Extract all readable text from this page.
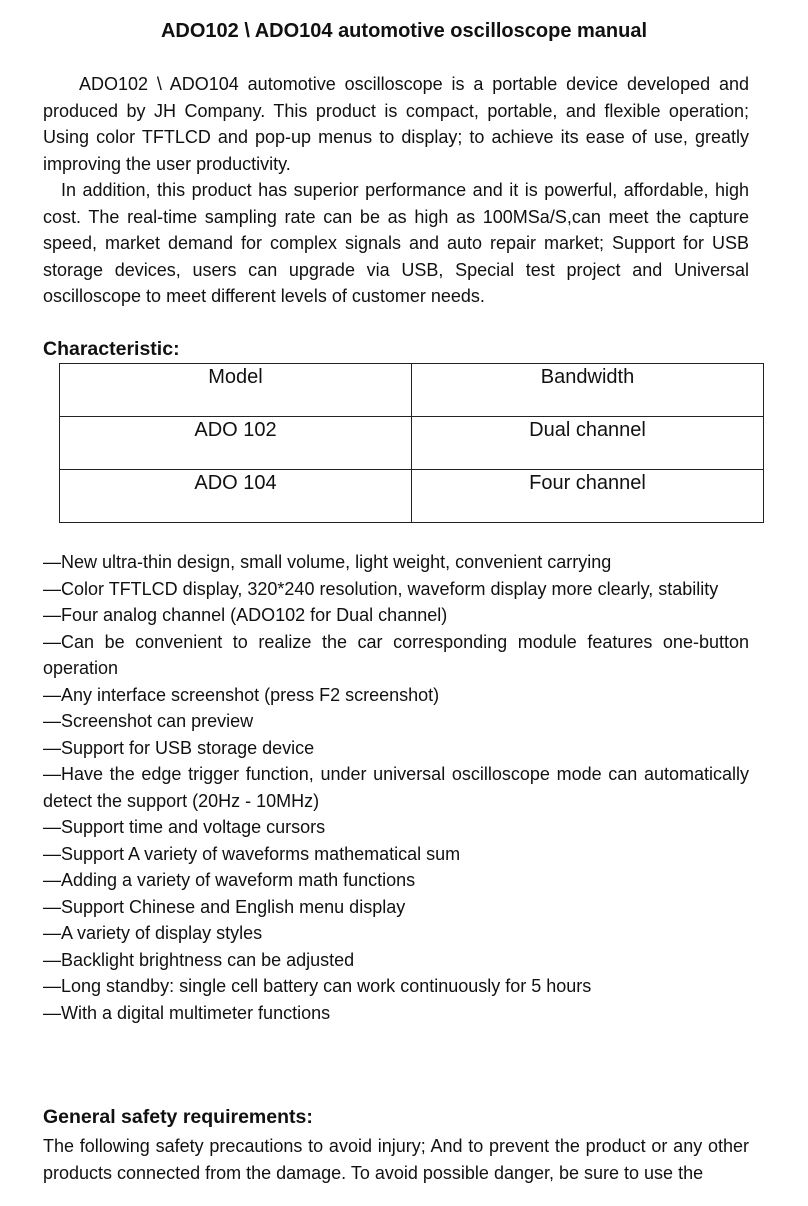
ADO102 \ ADO104 automotive oscilloscope manual

ADO102 \ ADO104 automotive oscilloscope is a portable device developed and produced by JH Company. This product is compact, portable, and flexible operation; Using color TFTLCD and pop-up menus to display; to achieve its ease of use, greatly improving the user productivity.

In addition, this product has superior performance and it is powerful, affordable, high cost. The real-time sampling rate can be as high as 100MSa/S,can meet the capture speed, market demand for complex signals and auto repair market; Support for USB storage devices, users can upgrade via USB, Special test project and Universal oscilloscope to meet different levels of customer needs.

Characteristic:
Model	Bandwidth

ADO 102	Dual channel

ADO 104	Four channel
—New ultra-thin design, small volume, light weight, convenient carrying
—Color TFTLCD display, 320*240 resolution, waveform display more clearly, stability
—Four analog channel (ADO102 for Dual channel)
—Can be convenient to realize the car corresponding module features one-button operation
—Any interface screenshot (press F2 screenshot)
—Screenshot can preview
—Support for USB storage device
—Have the edge trigger function, under universal oscilloscope mode can automatically detect the support (20Hz - 10MHz)
—Support time and voltage cursors
—Support A variety of waveforms mathematical sum
—Adding a variety of waveform math functions
—Support Chinese and English menu display
—A variety of display styles
—Backlight brightness can be adjusted
—Long standby: single cell battery can work continuously for 5 hours
—With a digital multimeter functions
General safety requirements:

The following safety precautions to avoid injury; And to prevent the product or any other products connected from the damage. To avoid possible danger, be sure to use the
